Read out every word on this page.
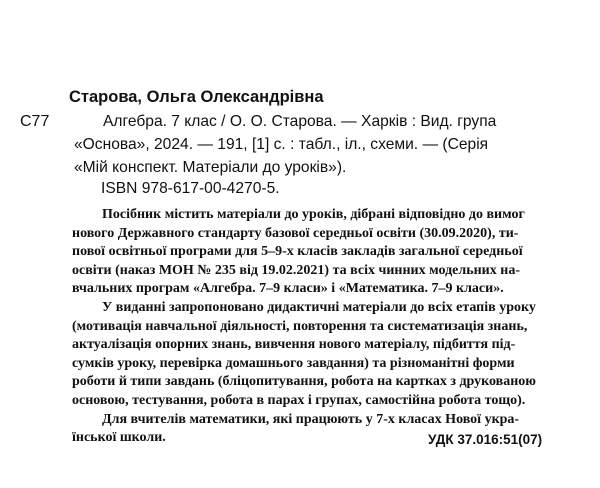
Старова, Ольга Олександрівна
С77	Алгебра. 7 клас / О. О. Старова. — Харків : Вид. група
«Основа», 2024. — 191, [1] с. : табл., іл., схеми. — (Серія
«Мій конспект. Матеріали до уроків»).
ISBN 978-617-00-4270-5.
Посібник містить матеріали до уроків, дібрані відповідно до вимог
нового Державного стандарту базової середньої освіти (30.09.2020), ти-
пової освітньої програми для 5–9-х класів закладів загальної середньої
освіти (наказ МОН № 235 від 19.02.2021) та всіх чинних модельних на-
вчальних програм «Алгебра. 7–9 класи» і «Математика. 7–9 класи».
У виданні запропоновано дидактичні матеріали до всіх етапів уроку
(мотивація навчальної діяльності, повторення та систематизація знань,
актуалізація опорних знань, вивчення нового матеріалу, підбиття під-
сумків уроку, перевірка домашнього завдання) та різноманітні форми
роботи й типи завдань (бліцопитування, робота на картках з друкованою
основою, тестування, робота в парах і групах, самостійна робота тощо).
Для вчителів математики, які працюють у 7-х класах Нової укра-
їнської школи.	УДК 37.016:51(07)
